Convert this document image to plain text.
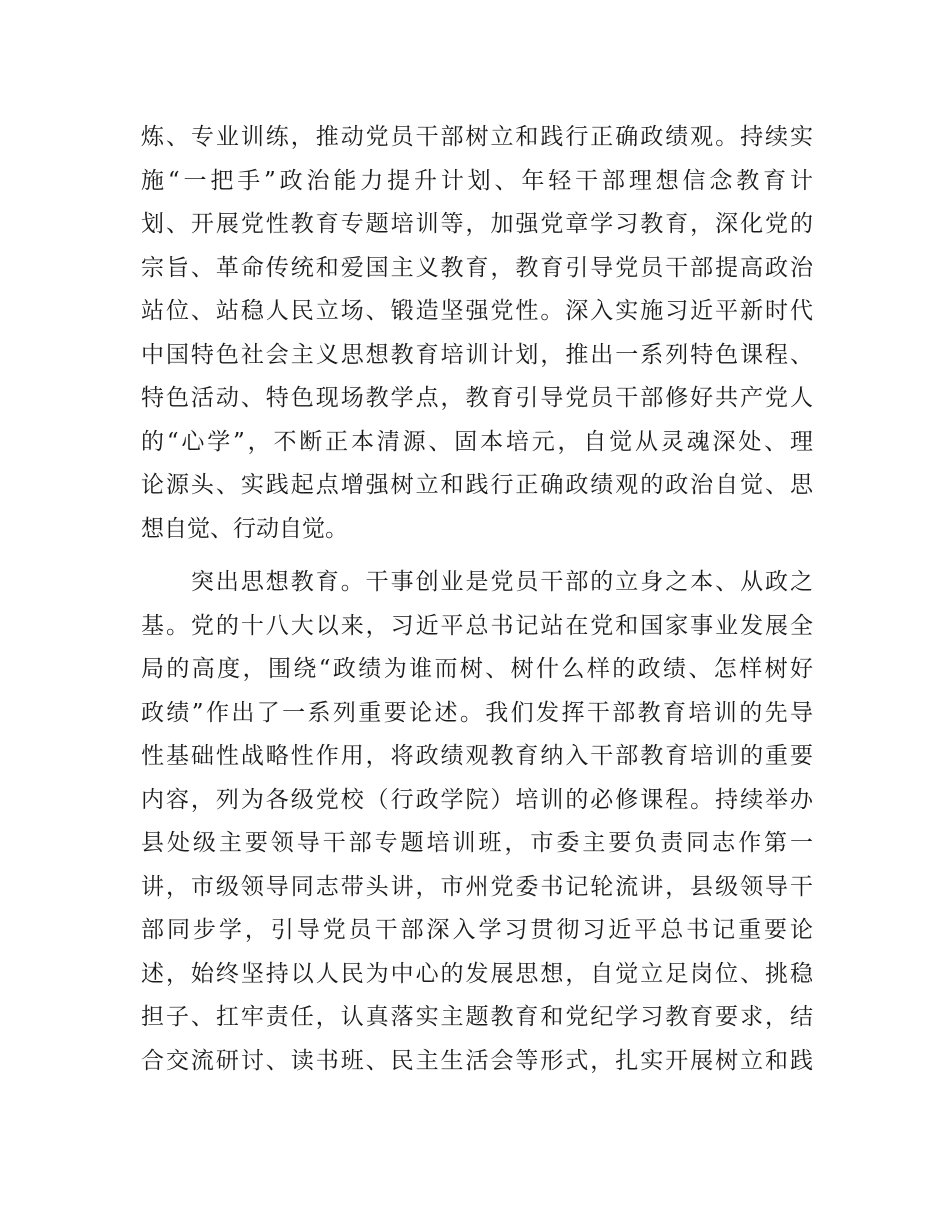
炼、专业训练，推动党员干部树立和践行正确政绩观。持续实
施“一把手”政治能力提升计划、年轻干部理想信念教育计
划、开展党性教育专题培训等，加强党章学习教育，深化党的
宗旨、革命传统和爱国主义教育，教育引导党员干部提高政治
站位、站稳人民立场、锻造坚强党性。深入实施习近平新时代
中国特色社会主义思想教育培训计划，推出一系列特色课程、
特色活动、特色现场教学点，教育引导党员干部修好共产党人
的“心学”，不断正本清源、固本培元，自觉从灵魂深处、理
论源头、实践起点增强树立和践行正确政绩观的政治自觉、思
想自觉、行动自觉。
　　突出思想教育。干事创业是党员干部的立身之本、从政之
基。党的十八大以来，习近平总书记站在党和国家事业发展全
局的高度，围绕“政绩为谁而树、树什么样的政绩、怎样树好
政绩”作出了一系列重要论述。我们发挥干部教育培训的先导
性基础性战略性作用，将政绩观教育纳入干部教育培训的重要
内容，列为各级党校（行政学院）培训的必修课程。持续举办
县处级主要领导干部专题培训班，市委主要负责同志作第一
讲，市级领导同志带头讲，市州党委书记轮流讲，县级领导干
部同步学，引导党员干部深入学习贯彻习近平总书记重要论
述，始终坚持以人民为中心的发展思想，自觉立足岗位、挑稳
担子、扛牢责任，认真落实主题教育和党纪学习教育要求，结
合交流研讨、读书班、民主生活会等形式，扎实开展树立和践
